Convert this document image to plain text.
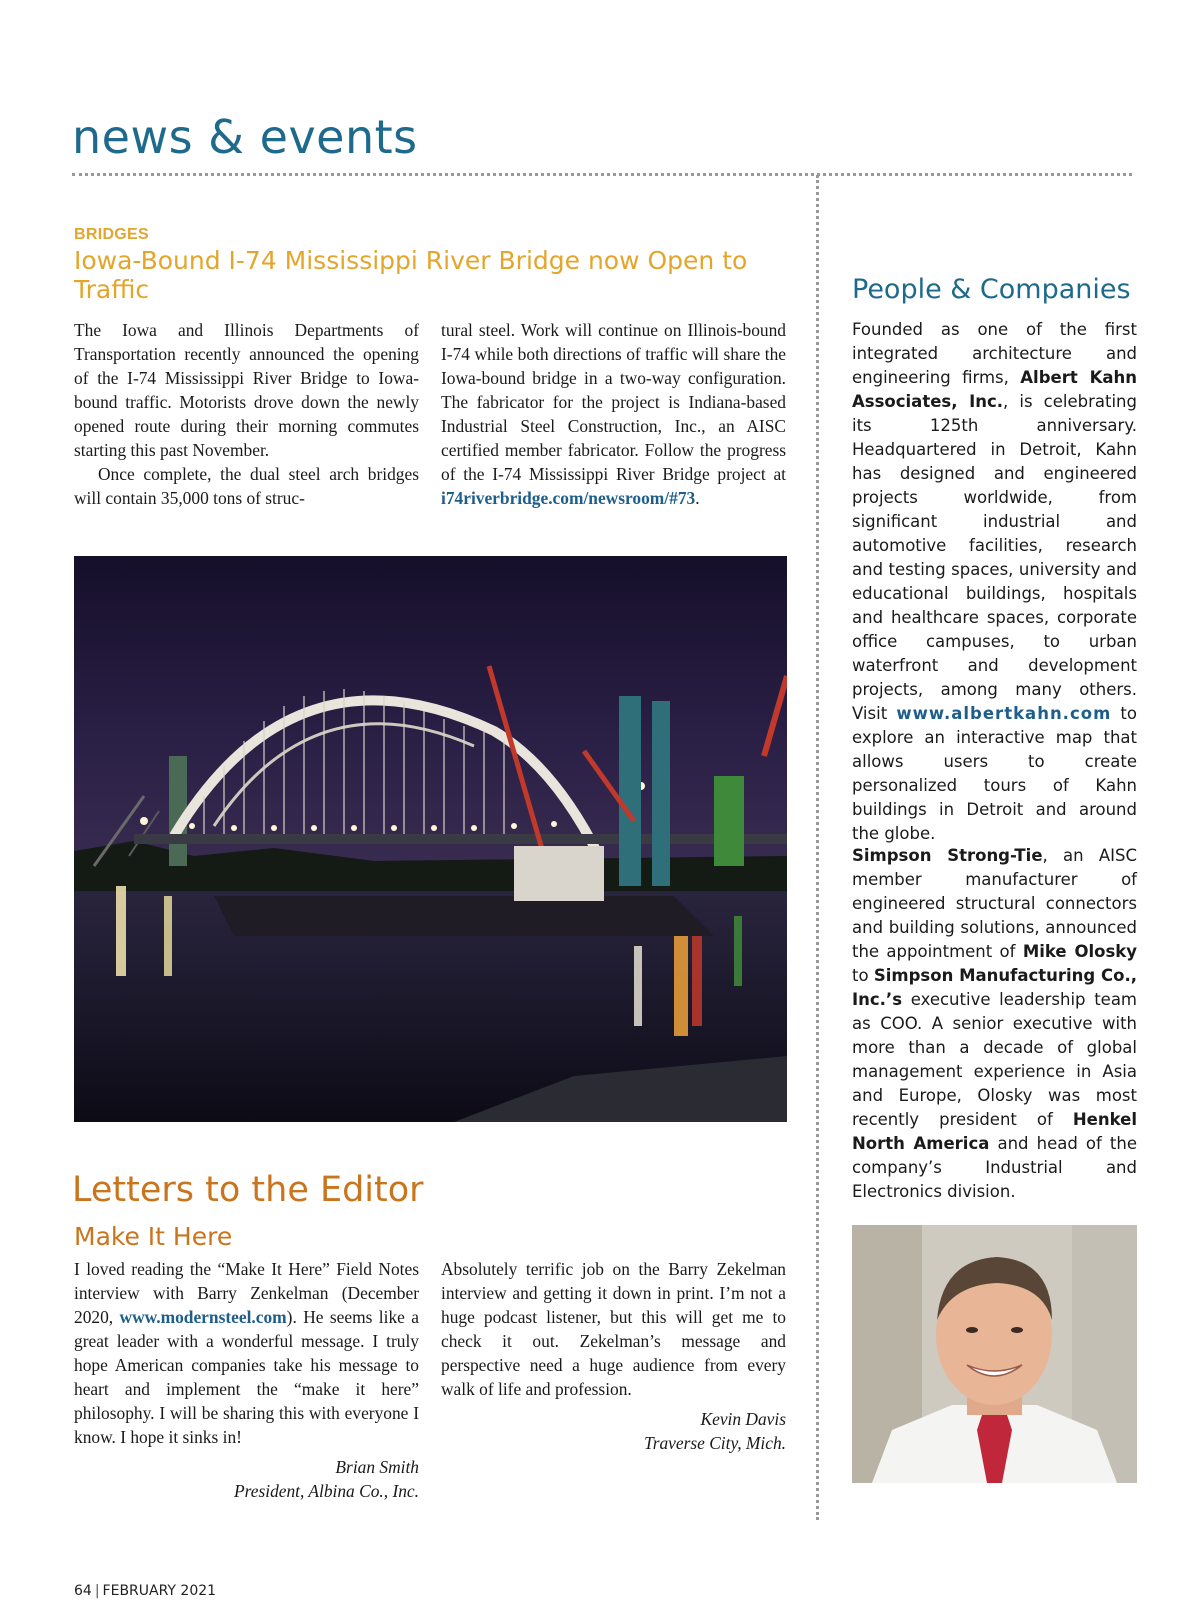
news & events
BRIDGES
Iowa-Bound I-74 Mississippi River Bridge now Open to Traffic

The Iowa and Illinois Departments of Transportation recently announced the opening of the I-74 Mississippi River Bridge to Iowa-bound traffic. Motorists drove down the newly opened route during their morning commutes starting this past November.

Once complete, the dual steel arch bridges will contain 35,000 tons of struc-

tural steel. Work will continue on Illinois-bound I-74 while both directions of traffic will share the Iowa-bound bridge in a two-way configuration. The fabricator for the project is Indiana-based Industrial Steel Construction, Inc., an AISC certified member fabricator. Follow the progress of the I-74 Mississippi River Bridge project at i74riverbridge.com/newsroom/#73.

Letters to the Editor
Make It Here

I loved reading the “Make It Here” Field Notes interview with Barry Zenkelman (December 2020, www.modernsteel.com). He seems like a great leader with a wonderful message. I truly hope American companies take his message to heart and implement the “make it here” philosophy. I will be sharing this with everyone I know. I hope it sinks in!

Brian Smith
President, Albina Co., Inc.

Absolutely terrific job on the Barry Zekelman interview and getting it down in print. I’m not a huge podcast listener, but this will get me to check it out. Zekelman’s message and perspective need a huge audience from every walk of life and profession.

Kevin Davis
Traverse City, Mich.
People & Companies
Founded as one of the first integrated architecture and engineering firms, Albert Kahn Associates, Inc., is celebrating its 125th anniversary. Headquartered in Detroit, Kahn has designed and engineered projects worldwide, from significant industrial and automotive facilities, research and testing spaces, university and educational buildings, hospitals and healthcare spaces, corporate office campuses, to urban waterfront and development projects, among many others. Visit www.albertkahn.com to explore an interactive map that allows users to create personalized tours of Kahn buildings in Detroit and around the globe.
Simpson Strong-Tie, an AISC member manufacturer of engineered structural connectors and building solutions, announced the appointment of Mike Olosky to Simpson Manufacturing Co., Inc.’s executive leadership team as COO. A senior executive with more than a decade of global management experience in Asia and Europe, Olosky was most recently president of Henkel North America and head of the company’s Industrial and Electronics division.
64 | FEBRUARY 2021
